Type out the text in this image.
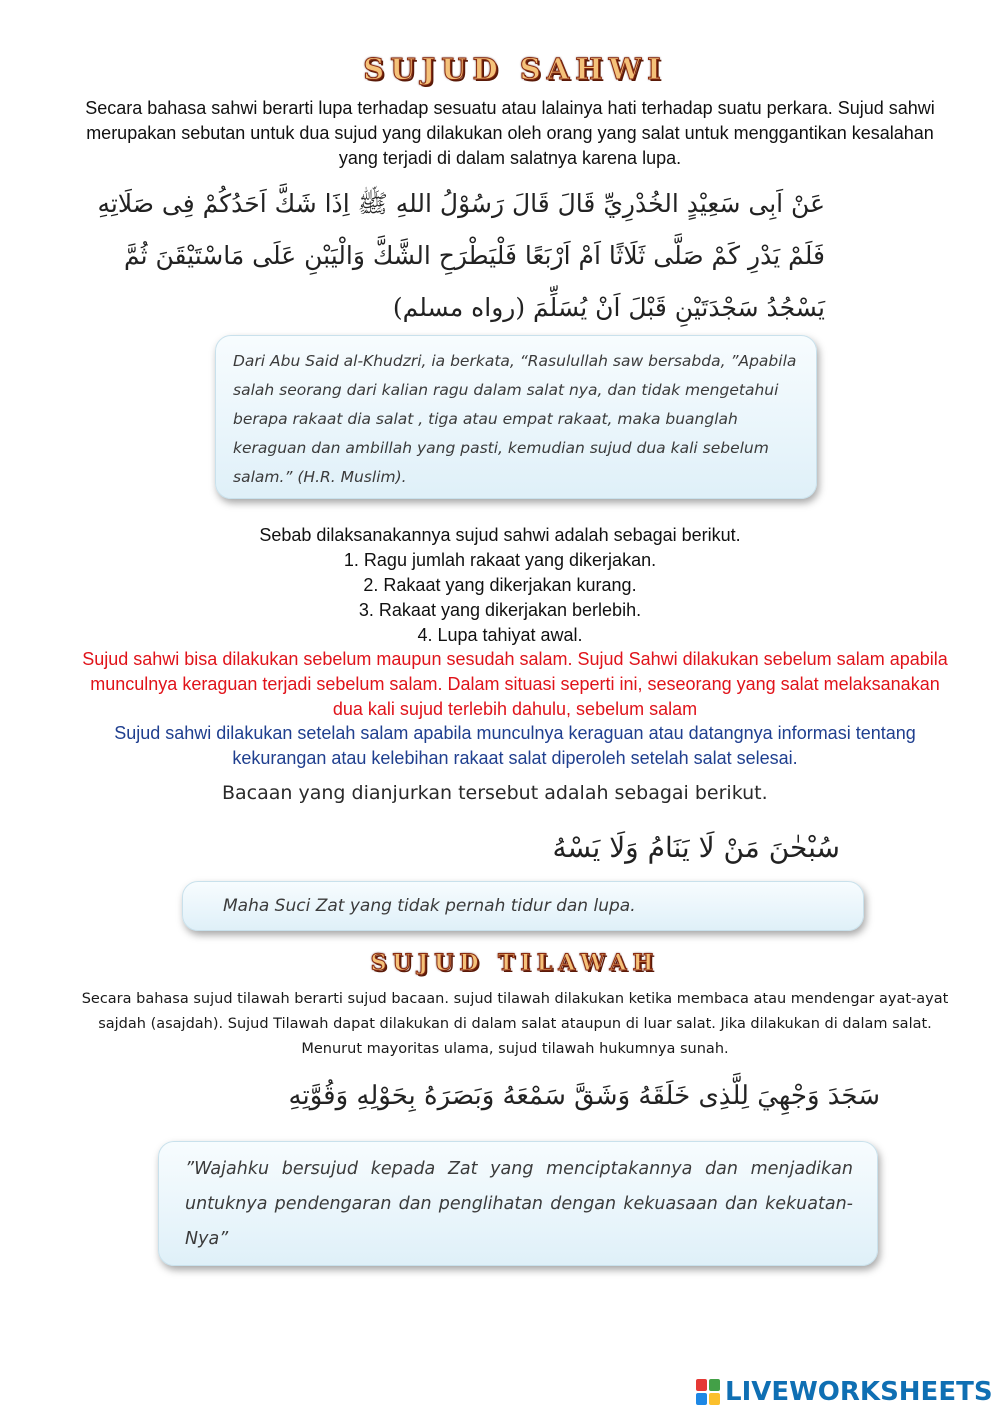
SUJUD SAHWI
Secara bahasa sahwi berarti lupa terhadap sesuatu atau lalainya hati terhadap suatu perkara. Sujud sahwi merupakan sebutan untuk dua sujud yang dilakukan oleh orang yang salat untuk menggantikan kesalahan yang terjadi di dalam salatnya karena lupa.
عَنْ اَبِى سَعِيْدٍ الخُدْرِيِّ قَالَ قَالَ رَسُوْلُ اللهِ ﷺ اِذَا شَكَّ اَحَدُكُمْ فِى صَلَاتِهِ
فَلَمْ يَدْرِ كَمْ صَلَّى ثَلَاثًا اَمْ اَرْبَعًا فَلْيَطْرَحِ الشَّكَّ وَالْيَبْنِ عَلَى مَاسْتَيْقَنَ ثُمَّ
يَسْجُدُ سَجْدَتَيْنِ قَبْلَ اَنْ يُسَلِّمَ (رواه مسلم)
Dari Abu Said al-Khudzri, ia berkata, “Rasulullah saw bersabda, ”Apabila salah seorang dari kalian ragu dalam salat nya, dan tidak mengetahui berapa rakaat dia salat , tiga atau empat rakaat, maka buanglah keraguan dan ambillah yang pasti, kemudian sujud dua kali sebelum salam.” (H.R. Muslim).
Sebab dilaksanakannya sujud sahwi adalah sebagai berikut.
1. Ragu jumlah rakaat yang dikerjakan.
2. Rakaat yang dikerjakan kurang.
3. Rakaat yang dikerjakan berlebih.
4. Lupa tahiyat awal.
Sujud sahwi bisa dilakukan sebelum maupun sesudah salam. Sujud Sahwi dilakukan sebelum salam apabila munculnya keraguan terjadi sebelum salam. Dalam situasi seperti ini, seseorang yang salat melaksanakan dua kali sujud terlebih dahulu, sebelum salam
Sujud sahwi dilakukan setelah salam apabila munculnya keraguan atau datangnya informasi tentang kekurangan atau kelebihan rakaat salat diperoleh setelah salat selesai.
Bacaan yang dianjurkan tersebut adalah sebagai berikut.
سُبْحٰنَ مَنْ لَا يَنَامُ وَلَا يَسْهُ
Maha Suci Zat yang tidak pernah tidur dan lupa.
SUJUD TILAWAH
Secara bahasa sujud tilawah berarti sujud bacaan. sujud tilawah dilakukan ketika membaca atau mendengar ayat-ayat sajdah (asajdah). Sujud Tilawah dapat dilakukan di dalam salat ataupun di luar salat. Jika dilakukan di dalam salat. Menurut mayoritas ulama, sujud tilawah hukumnya sunah.
سَجَدَ وَجْهِيَ لِلَّذِى خَلَقَهُ وَشَقَّ سَمْعَهُ وَبَصَرَهُ بِحَوْلِهِ وَقُوَّتِهِ
”Wajahku bersujud kepada Zat yang menciptakannya dan menjadikan untuknya pendengaran dan penglihatan dengan kekuasaan dan kekuatan-Nya”
LIVEWORKSHEETS
